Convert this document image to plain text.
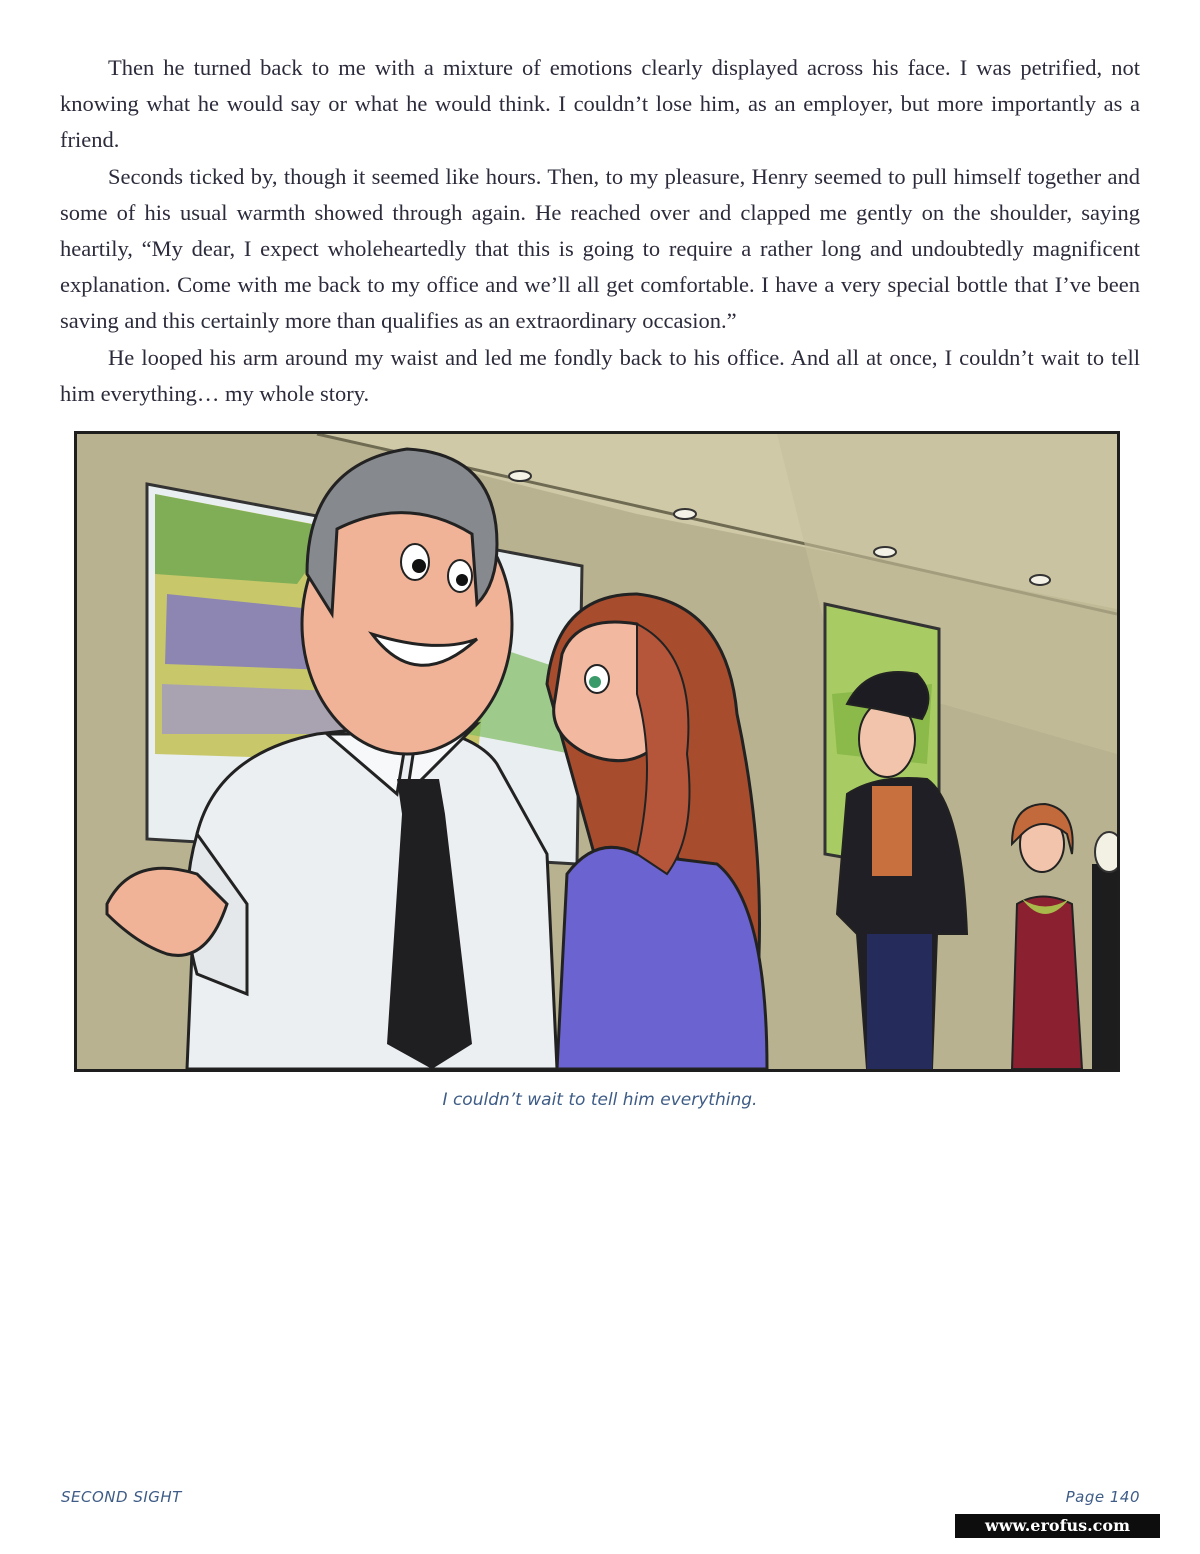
Then he turned back to me with a mixture of emotions clearly displayed across his face. I was petrified, not knowing what he would say or what he would think. I couldn’t lose him, as an employer, but more importantly as a friend.

Seconds ticked by, though it seemed like hours. Then, to my pleasure, Henry seemed to pull himself together and some of his usual warmth showed through again. He reached over and clapped me gently on the shoulder, saying heartily, “My dear, I expect wholeheartedly that this is going to require a rather long and undoubtedly magnificent explanation. Come with me back to my office and we’ll all get comfortable. I have a very special bottle that I’ve been saving and this certainly more than qualifies as an extraordinary occasion.”

He looped his arm around my waist and led me fondly back to his office. And all at once, I couldn’t wait to tell him everything… my whole story.

I couldn’t wait to tell him everything.
SECOND SIGHT	Page 140
www.erofus.com
